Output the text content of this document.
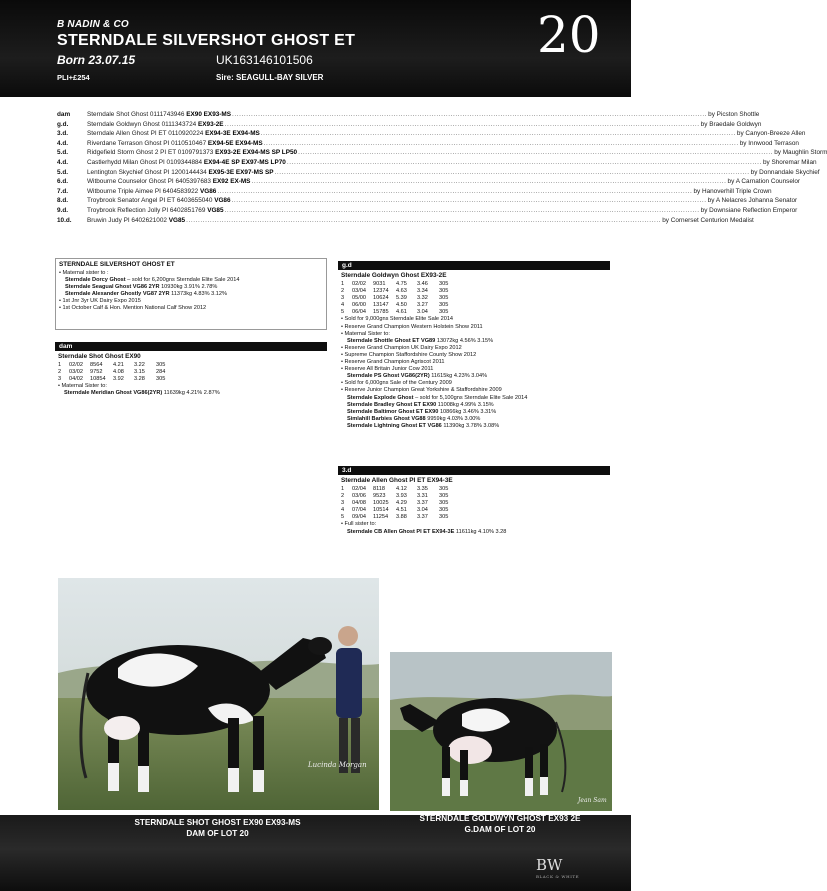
B NADIN & CO
STERNDALE SILVERSHOT GHOST ET
Born 23.07.15	UK163146101506
PLI+£254	Sire: SEAGULL-BAY SILVER
20
dam	Sterndale Shot Ghost 0111743946 EX90 EX93-MS ........................................................................................................................................................................................................ by Picston Shottle
g.d.	Sterndale Goldwyn Ghost 0111343724 EX93-2E ........................................................................................................................................................................................................ by Braedale Goldwyn
3.d.	Sterndale Allen Ghost PI ET 0110920224 EX94-3E EX94-MS ........................................................................................................................................................................................................ by Canyon-Breeze Allen
4.d.	Riverdane Terrason Ghost PI 0110510467 EX94-5E EX94-MS ........................................................................................................................................................................................................ by Innwood Terrason
5.d.	Ridgefield Storm Ghost 2 PI ET 0109791373 EX93-2E EX94-MS SP LP50 ........................................................................................................................................................................................................ by Maughlin Storm
4.d.	Castlerhydd Milan Ghost PI 0109344884 EX94-4E SP EX97-MS LP70 ........................................................................................................................................................................................................ by Shoremar Milan
5.d.	Lentington Skychief Ghost PI 1200144434 EX95-3E EX97-MS SP ........................................................................................................................................................................................................ by Donnandale Skychief
6.d.	Witbourne Counselor Ghost PI 6405397683 EX92 EX-MS ........................................................................................................................................................................................................ by A Carnation Counselor
7.d.	Witbourne Triple Aimee PI 6404583922 VG86 ........................................................................................................................................................................................................ by Hanoverhill Triple Crown
8.d.	Troybrook Senator Angel PI ET 6403655040 VG86 ........................................................................................................................................................................................................ by A Nelacres Johanna Senator
9.d.	Troybrook Reflection Jolly PI 6402851769 VG85 ........................................................................................................................................................................................................ by Downsiane Reflection Emperor
10.d.	Bruwin Judy PI 6402621002 VG85 ........................................................................................................................................................................................................ by Cornerset Centurion Medalist
STERNDALE SILVERSHOT GHOST ET
• Maternal sister to :
Sterndale Dorcy Ghost – sold for 6,200gns Sterndale Elite Sale 2014
Sterndale Seagual Ghost VG86 2YR 10930kg 3.91% 2.78%
Sterndale Alexander Ghostly VG87 2YR 11373kg 4.83% 3.12%
• 1st Jnr 3yr UK Dairy Expo 2015
• 1st October Calf & Hon. Mention National Calf Show 2012
dam
Sterndale Shot Ghost EX90
1	02/02	8564	4.21	3.22	305
2	03/02	9752	4.08	3.15	284
3	04/02	10854	3.92	3.28	305
• Maternal Sister to:
Sterndale Meridian Ghost VG86(2YR) 11639kg 4.21% 2.87%
g.d
Sterndale Goldwyn Ghost EX93-2E
1	02/02	9031	4.75	3.46	305
2	03/04	12374	4.63	3.34	305
3	05/00	10624	5.39	3.32	305
4	06/00	13147	4.50	3.27	305
5	06/04	15785	4.61	3.04	305
• Sold for 9,000gns Sterndale Elite Sale 2014
• Reserve Grand Champion Western Holstein Show 2011
• Maternal Sister to:
Sterndale Shottle Ghost ET VG89 13072kg 4.56% 3.15%
• Reserve Grand Champion UK Dairy Expo 2012
• Supreme Champion Staffordshire County Show 2012
• Reserve Grand Champion Agriscot 2011
• Reserve All Britain Junior Cow 2011
Sterndale PS Ghost VG86(2YR) 11615kg 4.23% 3.04%
• Sold for 6,000gns Sale of the Century 2009
• Reserve Junior Champion Great Yorkshire & Staffordshire 2009
Sterndale Explode Ghost – sold for 5,100gns Sterndale Elite Sale 2014
Sterndale Bradley Ghost ET EX90 11008kg 4.99% 3.15%
Sterndale Baltimor Ghost ET EX90 10866kg 3.46% 3.31%
Simlahill Barbies Ghost VG88 9959kg 4.03% 3.00%
Sterndale Lightning Ghost ET VG86 11390kg 3.78% 3.08%
3.d
Sterndale Allen Ghost PI ET EX94-3E
1	02/04	8118	4.12	3.35	305
2	03/06	9523	3.93	3.31	305
3	04/08	10025	4.29	3.37	305
4	07/04	10514	4.51	3.04	305
5	09/04	11254	3.88	3.37	305
• Full sister to:
Sterndale CB Allen Ghost PI ET EX94-3E 11611kg 4.10% 3.28
Lucinda Morgan
Jean Sam
STERNDALE SHOT GHOST EX90 EX93-MS
DAM OF LOT 20
STERNDALE GOLDWYN GHOST EX93 2E
G.DAM OF LOT 20
BW
BLACK & WHITE
